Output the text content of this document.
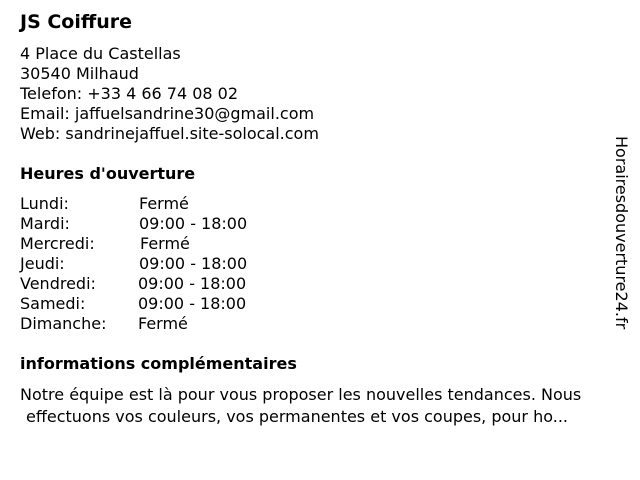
JS Coiffure
4 Place du Castellas
30540 Milhaud
Telefon: +33 4 66 74 08 02
Email: jaffuelsandrine30@gmail.com
Web: sandrinejaffuel.site-solocal.com
Heures d'ouverture
Lundi:	Fermé
Mardi:	09:00 - 18:00
Mercredi:	Fermé
Jeudi:	09:00 - 18:00
Vendredi:	09:00 - 18:00
Samedi:	09:00 - 18:00
Dimanche: Fermé
informations complémentaires
Notre équipe est là pour vous proposer les nouvelles tendances. Nous
effectuons vos couleurs, vos permanentes et vos coupes, pour ho...
Horairesdouverture24.fr
